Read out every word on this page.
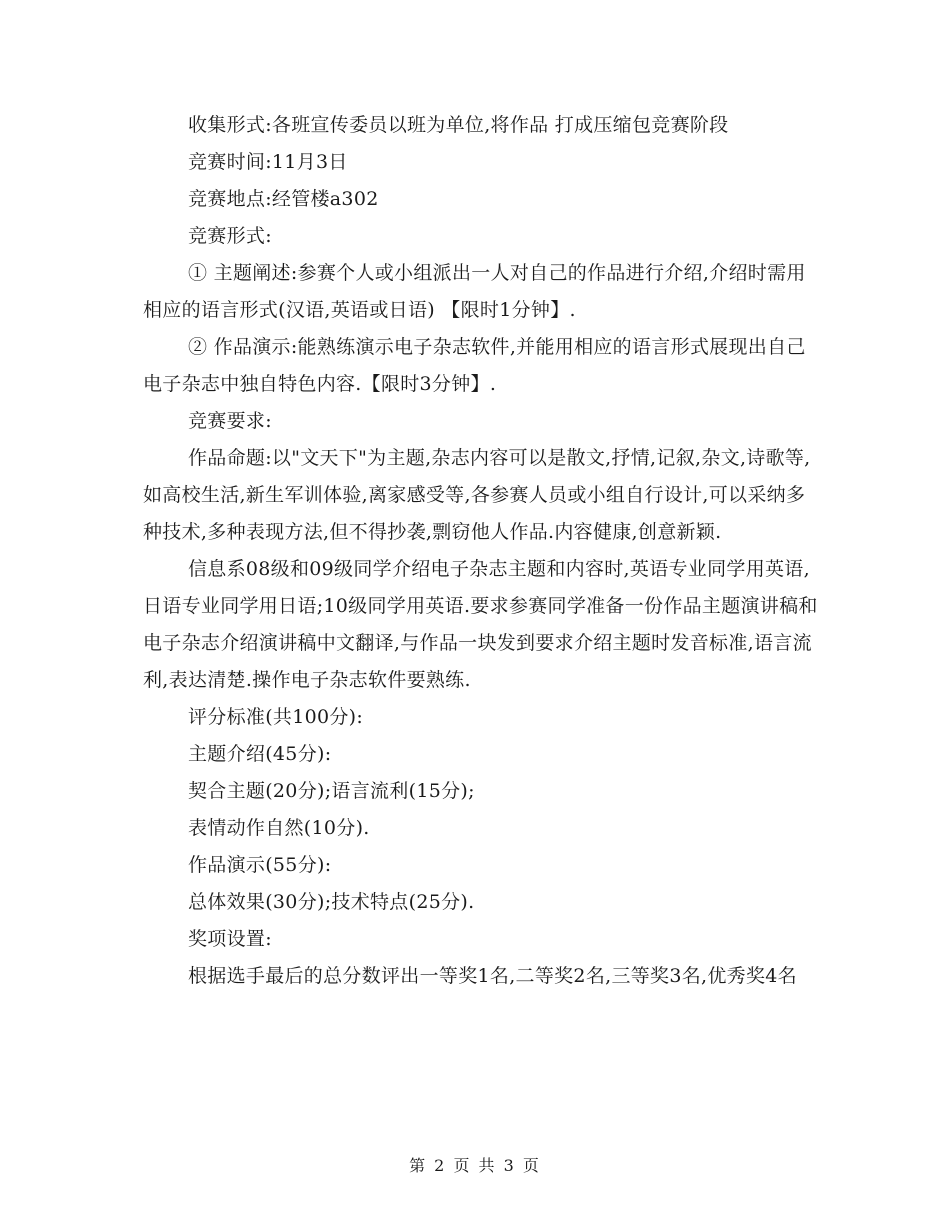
收集形式:各班宣传委员以班为单位,将作品 打成压缩包竞赛阶段

竞赛时间:11月3日

竞赛地点:经管楼a302

竞赛形式:

① 主题阐述:参赛个人或小组派出一人对自己的作品进行介绍,介绍时需用相应的语言形式(汉语,英语或日语) 【限时1分钟】.

② 作品演示:能熟练演示电子杂志软件,并能用相应的语言形式展现出自己电子杂志中独自特色内容.【限时3分钟】.

竞赛要求:

作品命题:以"文天下"为主题,杂志内容可以是散文,抒情,记叙,杂文,诗歌等,如高校生活,新生军训体验,离家感受等,各参赛人员或小组自行设计,可以采纳多种技术,多种表现方法,但不得抄袭,剽窃他人作品.内容健康,创意新颖.

信息系08级和09级同学介绍电子杂志主题和内容时,英语专业同学用英语,日语专业同学用日语;10级同学用英语.要求参赛同学准备一份作品主题演讲稿和电子杂志介绍演讲稿中文翻译,与作品一块发到要求介绍主题时发音标准,语言流利,表达清楚.操作电子杂志软件要熟练.

评分标准(共100分):

主题介绍(45分):

契合主题(20分);语言流利(15分);

表情动作自然(10分).

作品演示(55分):

总体效果(30分);技术特点(25分).

奖项设置:

根据选手最后的总分数评出一等奖1名,二等奖2名,三等奖3名,优秀奖4名

第 2 页 共 3 页
